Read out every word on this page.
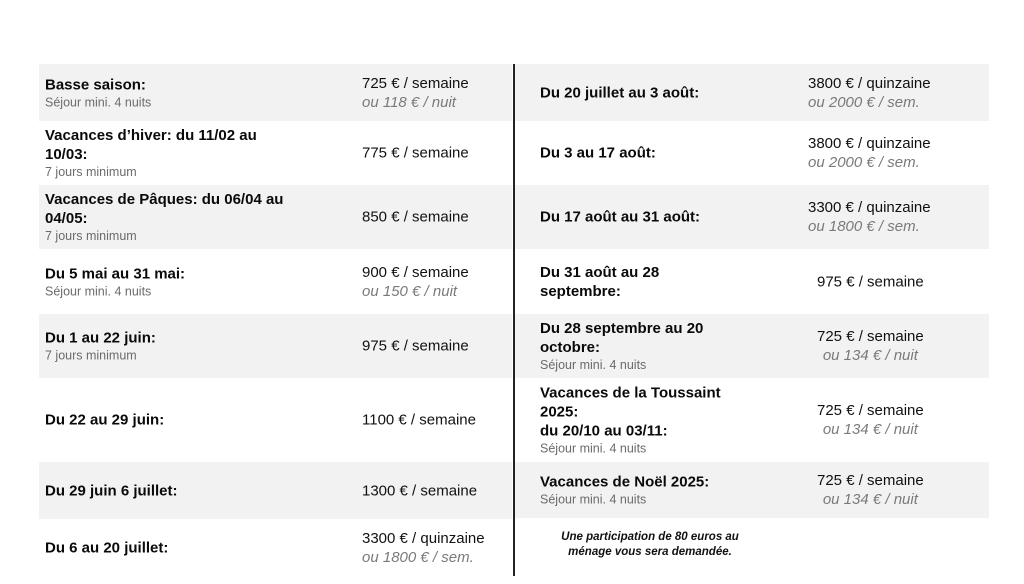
Basse saison:
Séjour mini. 4 nuits
725 € / semaine
ou 118 € / nuit
Vacances d’hiver: du 11/02 au
10/03:
7 jours minimum
775 € / semaine
Vacances de Pâques: du 06/04 au
04/05:
7 jours minimum
850 € / semaine
Du 5 mai au 31 mai:
Séjour mini. 4 nuits
900 € / semaine
ou 150 € / nuit
Du 1 au 22 juin:
7 jours minimum
975 € / semaine
Du 22 au 29 juin:	1100 € / semaine
Du 29 juin 6 juillet:	1300 € / semaine
Du 6 au 20 juillet:
3300 € / quinzaine
ou 1800 € / sem.
Du 20 juillet au 3 août:
3800 € / quinzaine
ou 2000 € / sem.
Du 3 au 17 août:
3800 € / quinzaine
ou 2000 € / sem.
Du 17 août au 31 août:
3300 € / quinzaine
ou 1800 € / sem.
Du 31 août au 28
septembre:
975 € / semaine
Du 28 septembre au 20
octobre:
Séjour mini. 4 nuits
725 € / semaine
ou 134 € / nuit
Vacances de la Toussaint
2025:
du 20/10 au 03/11:
Séjour mini. 4 nuits
725 € / semaine
ou 134 € / nuit
Vacances de Noël 2025:
Séjour mini. 4 nuits
725 € / semaine
ou 134 € / nuit
Une participation de 80 euros au
ménage vous sera demandée.
